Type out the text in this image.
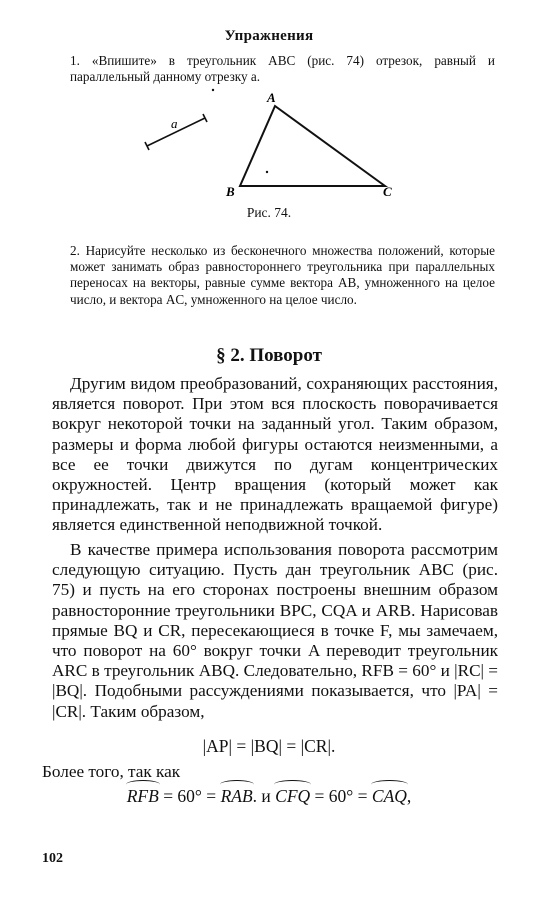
Упражнения
1. «Впишите» в треугольник ABC (рис. 74) отрезок, равный и параллельный данному отрезку a.
a
A
B	C
Рис. 74.
2. Нарисуйте несколько из бесконечного множества положений, которые может занимать образ равностороннего треугольника при параллельных переносах на векторы, равные сумме вектора AB, умноженного на целое число, и вектора AC, умноженного на целое число.
§ 2. Поворот
Другим видом преобразований, сохраняющих расстояния, является поворот. При этом вся плоскость поворачивается вокруг некоторой точки на заданный угол. Таким образом, размеры и форма любой фигуры остаются неизменными, а все ее точки движутся по дугам концентрических окружностей. Центр вращения (который может как принадлежать, так и не принадлежать вращаемой фигуре) является единственной неподвижной точкой.
В качестве примера использования поворота рассмотрим следующую ситуацию. Пусть дан треугольник ABC (рис. 75) и пусть на его сторонах построены внешним образом равносторонние треугольники BPC, CQA и ARB. Нарисовав прямые BQ и CR, пересекающиеся в точке F, мы замечаем, что поворот на 60° вокруг точки A переводит треугольник ARC в треугольник ABQ. Следовательно, RFB = 60° и |RC| = |BQ|. Подобными рассуждениями показывается, что |PA| = |CR|. Таким образом,
|AP| = |BQ| = |CR|.
Более того, так как
RFB = 60° = RAB. и CFQ = 60° = CAQ,
102
